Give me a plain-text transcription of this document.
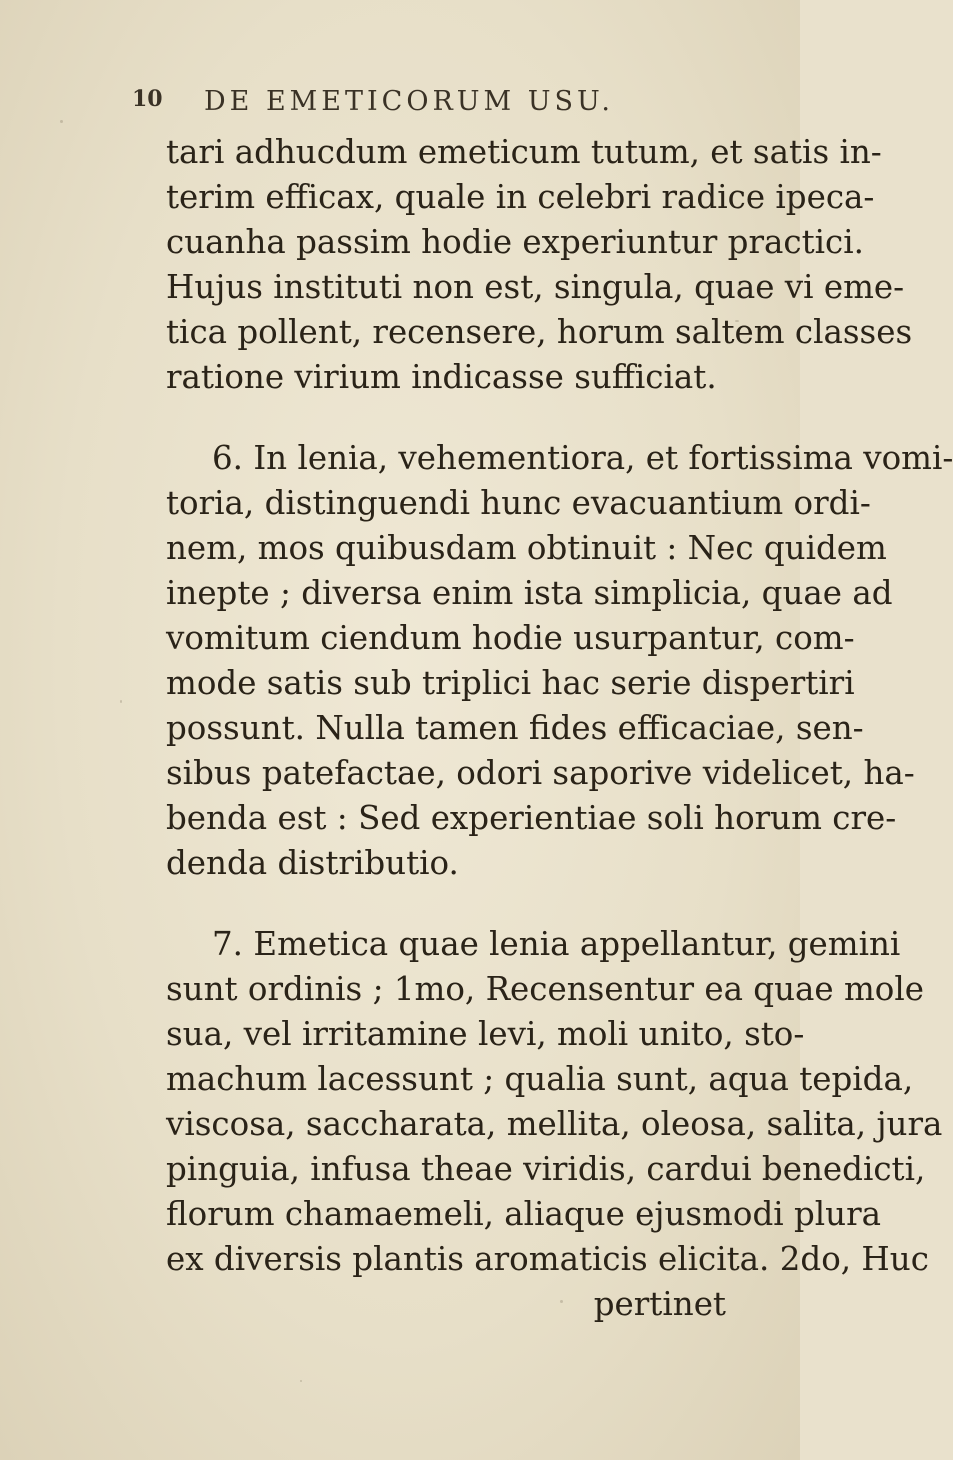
10 DE EMETICORUM USU.
tari adhucdum emeticum tutum, et satis in-
terim efficax, quale in celebri radice ipeca-
cuanha passim hodie experiuntur practici.
Hujus instituti non est, singula, quae vi eme-
tica pollent, recensere, horum saltem classes
ratione virium indicasse sufficiat.
6. In lenia, vehementiora, et fortissima vomi-
toria, distinguendi hunc evacuantium ordi-
nem, mos quibusdam obtinuit : Nec quidem
inepte ; diversa enim ista simplicia, quae ad
vomitum ciendum hodie usurpantur, com-
mode satis sub triplici hac serie dispertiri
possunt. Nulla tamen fides efficaciae, sen-
sibus patefactae, odori saporive videlicet, ha-
benda est : Sed experientiae soli horum cre-
denda distributio.
7. Emetica quae lenia appellantur, gemini
sunt ordinis ; 1mo, Recensentur ea quae mole
sua, vel irritamine levi, moli unito, sto-
machum lacessunt ; qualia sunt, aqua tepida,
viscosa, saccharata, mellita, oleosa, salita, jura
pinguia, infusa theae viridis, cardui benedicti,
florum chamaemeli, aliaque ejusmodi plura
ex diversis plantis aromaticis elicita. 2do, Huc
pertinet
